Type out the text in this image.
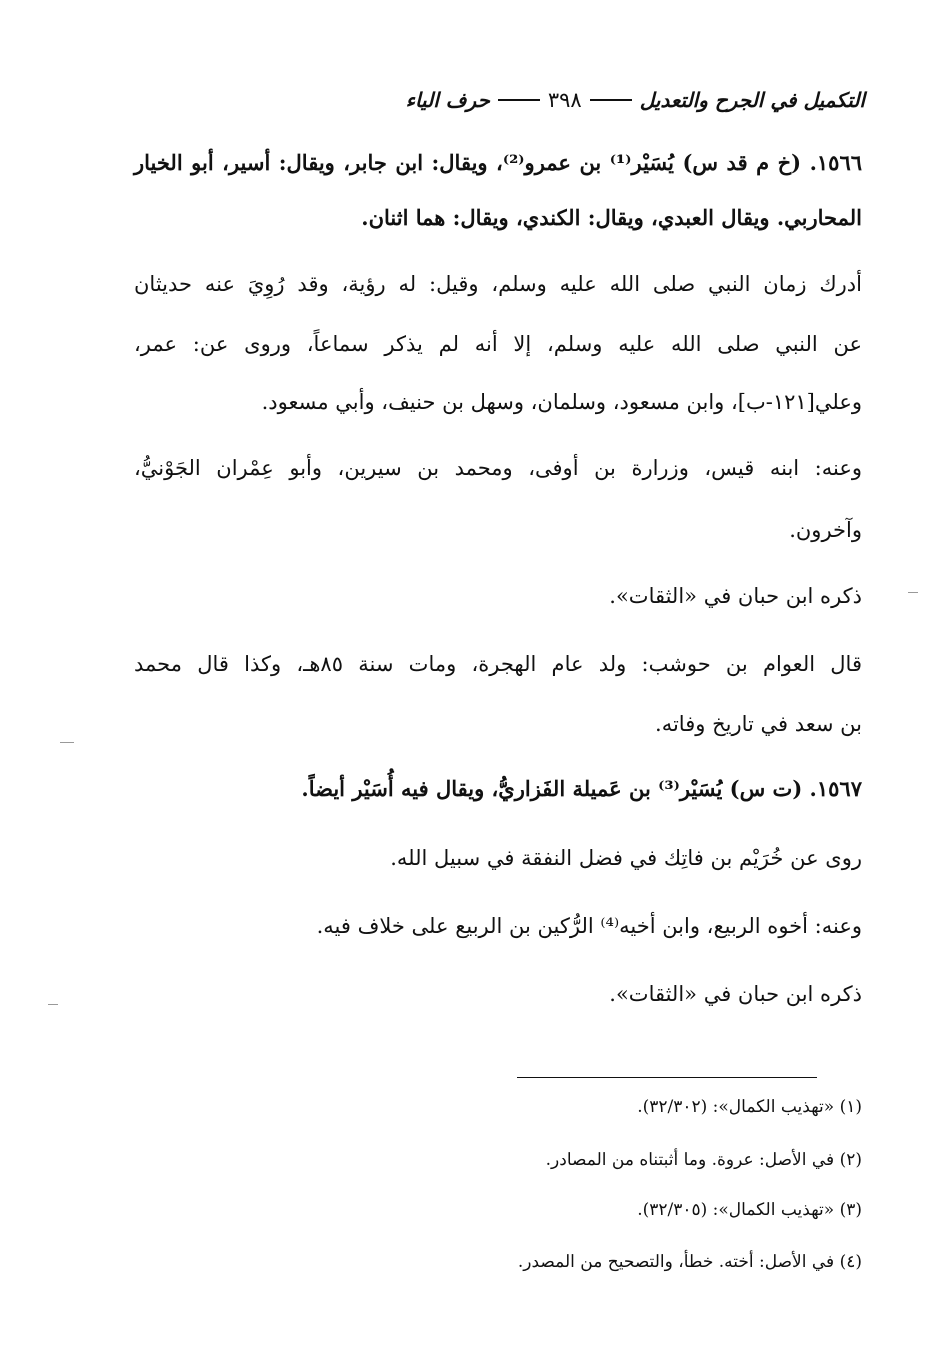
التكميل في الجرح والتعديل
٣٩٨
حرف الياء
١٥٦٦. (خ م قد س) يُسَيْر⁽¹⁾ بن عمرو⁽²⁾، ويقال: ابن جابر، ويقال: أسير، أبو الخيار
المحاربي. ويقال العبدي، ويقال: الكندي، ويقال: هما اثنان.
أدرك زمان النبي صلى الله عليه وسلم، وقيل: له رؤية، وقد رُوِيَ عنه حديثان
عن النبي صلى الله عليه وسلم، إلا أنه لم يذكر سماعاً، وروى عن: عمر،
وعلي[١٢١-ب]، وابن مسعود، وسلمان، وسهل بن حنيف، وأبي مسعود.
وعنه: ابنه قيس، وزرارة بن أوفى، ومحمد بن سيرين، وأبو عِمْران الجَوْنيُّ،
وآخرون.
ذكره ابن حبان في «الثقات».
قال العوام بن حوشب: ولد عام الهجرة، ومات سنة ٨٥هـ، وكذا قال محمد
بن سعد في تاريخ وفاته.
١٥٦٧. (ت س) يُسَيْر⁽³⁾ بن عَميلة الفَزاريُّ، ويقال فيه أُسَيْر أيضاً.
روى عن خُرَيْم بن فاتِك في فضل النفقة في سبيل الله.
وعنه: أخوه الربيع، وابن أخيه⁽⁴⁾ الرُّكين بن الربيع على خلاف فيه.
ذكره ابن حبان في «الثقات».
(١) «تهذيب الكمال»: (٣٢/٣٠٢).
(٢) في الأصل: عروة. وما أثبتناه من المصادر.
(٣) «تهذيب الكمال»: (٣٢/٣٠٥).
(٤) في الأصل: أخته. خطأ، والتصحيح من المصدر.
